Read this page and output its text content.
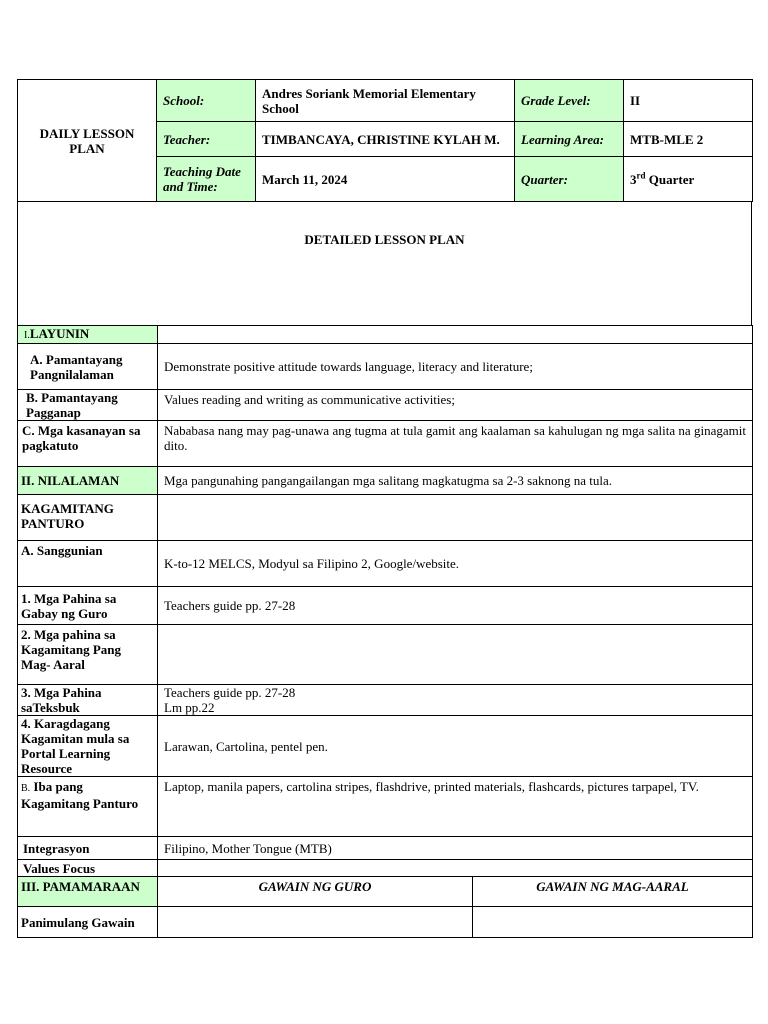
DAILY LESSON PLAN	School:	Andres Soriank Memorial Elementary School	Grade Level:	II
	Teacher:	TIMBANCAYA, CHRISTINE KYLAH M.	Learning Area:	MTB-MLE 2
	Teaching Date and Time:	March 11, 2024	Quarter:	3rd Quarter
DETAILED LESSON PLAN
I.LAYUNIN		
A. Pamantayang Pangnilalaman	Demonstrate positive attitude towards language, literacy and literature;	
B. Pamantayang Pagganap	Values reading and writing as communicative activities;	
C. Mga kasanayan sa pagkatuto	Nababasa nang may pag-unawa ang tugma at tula gamit ang kaalaman sa kahulugan ng mga salita na ginagamit dito.	
II. NILALAMAN	Mga pangunahing pangangailangan mga salitang magkatugma sa 2-3 saknong na tula.	
KAGAMITANG PANTURO		
A. Sanggunian	K-to-12 MELCS, Modyul sa Filipino 2, Google/website.	
1. Mga Pahina sa Gabay ng Guro	Teachers guide pp. 27-28	
2. Mga pahina sa Kagamitang Pang Mag- Aaral		
3. Mga Pahina saTeksbuk	Teachers guide pp. 27-28
Lm pp.22	

4. Karagdagang Kagamitan mula sa Portal Learning Resource	Larawan, Cartolina, pentel pen.	
B. Iba pang Kagamitang Panturo	Laptop, manila papers, cartolina stripes, flashdrive, printed materials, flashcards, pictures tarpapel, TV.	
Integrasyon	Filipino, Mother Tongue (MTB)	
Values Focus		
III. PAMAMARAAN	GAWAIN NG GURO	GAWAIN NG MAG-AARAL
Panimulang Gawain		
